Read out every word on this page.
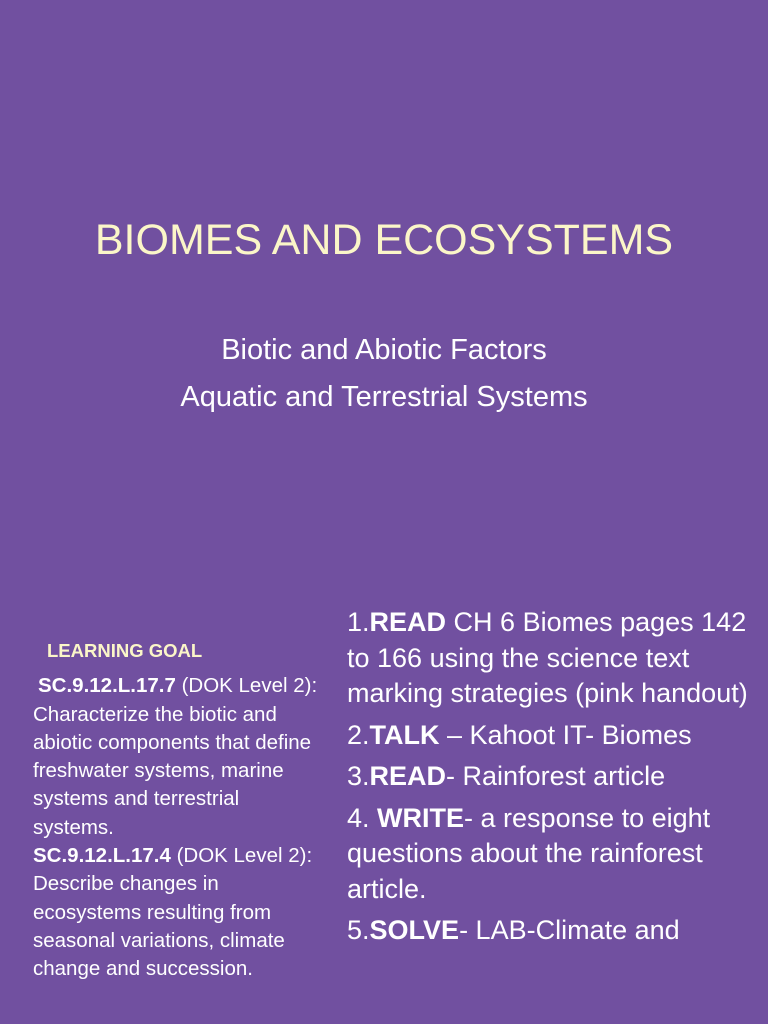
BIOMES AND ECOSYSTEMS
Biotic and Abiotic Factors
Aquatic and Terrestrial Systems
LEARNING GOAL

SC.9.12.L.17.7 (DOK Level 2): Characterize the biotic and abiotic components that define freshwater systems, marine systems and terrestrial systems.

SC.9.12.L.17.4 (DOK Level 2): Describe changes in ecosystems resulting from seasonal variations, climate change and succession.

1.READ CH 6 Biomes pages 142 to 166 using the science text marking strategies (pink handout)

2.TALK – Kahoot IT- Biomes

3.READ- Rainforest article

4. WRITE- a response to eight questions about the rainforest article.

5.SOLVE- LAB-Climate and
